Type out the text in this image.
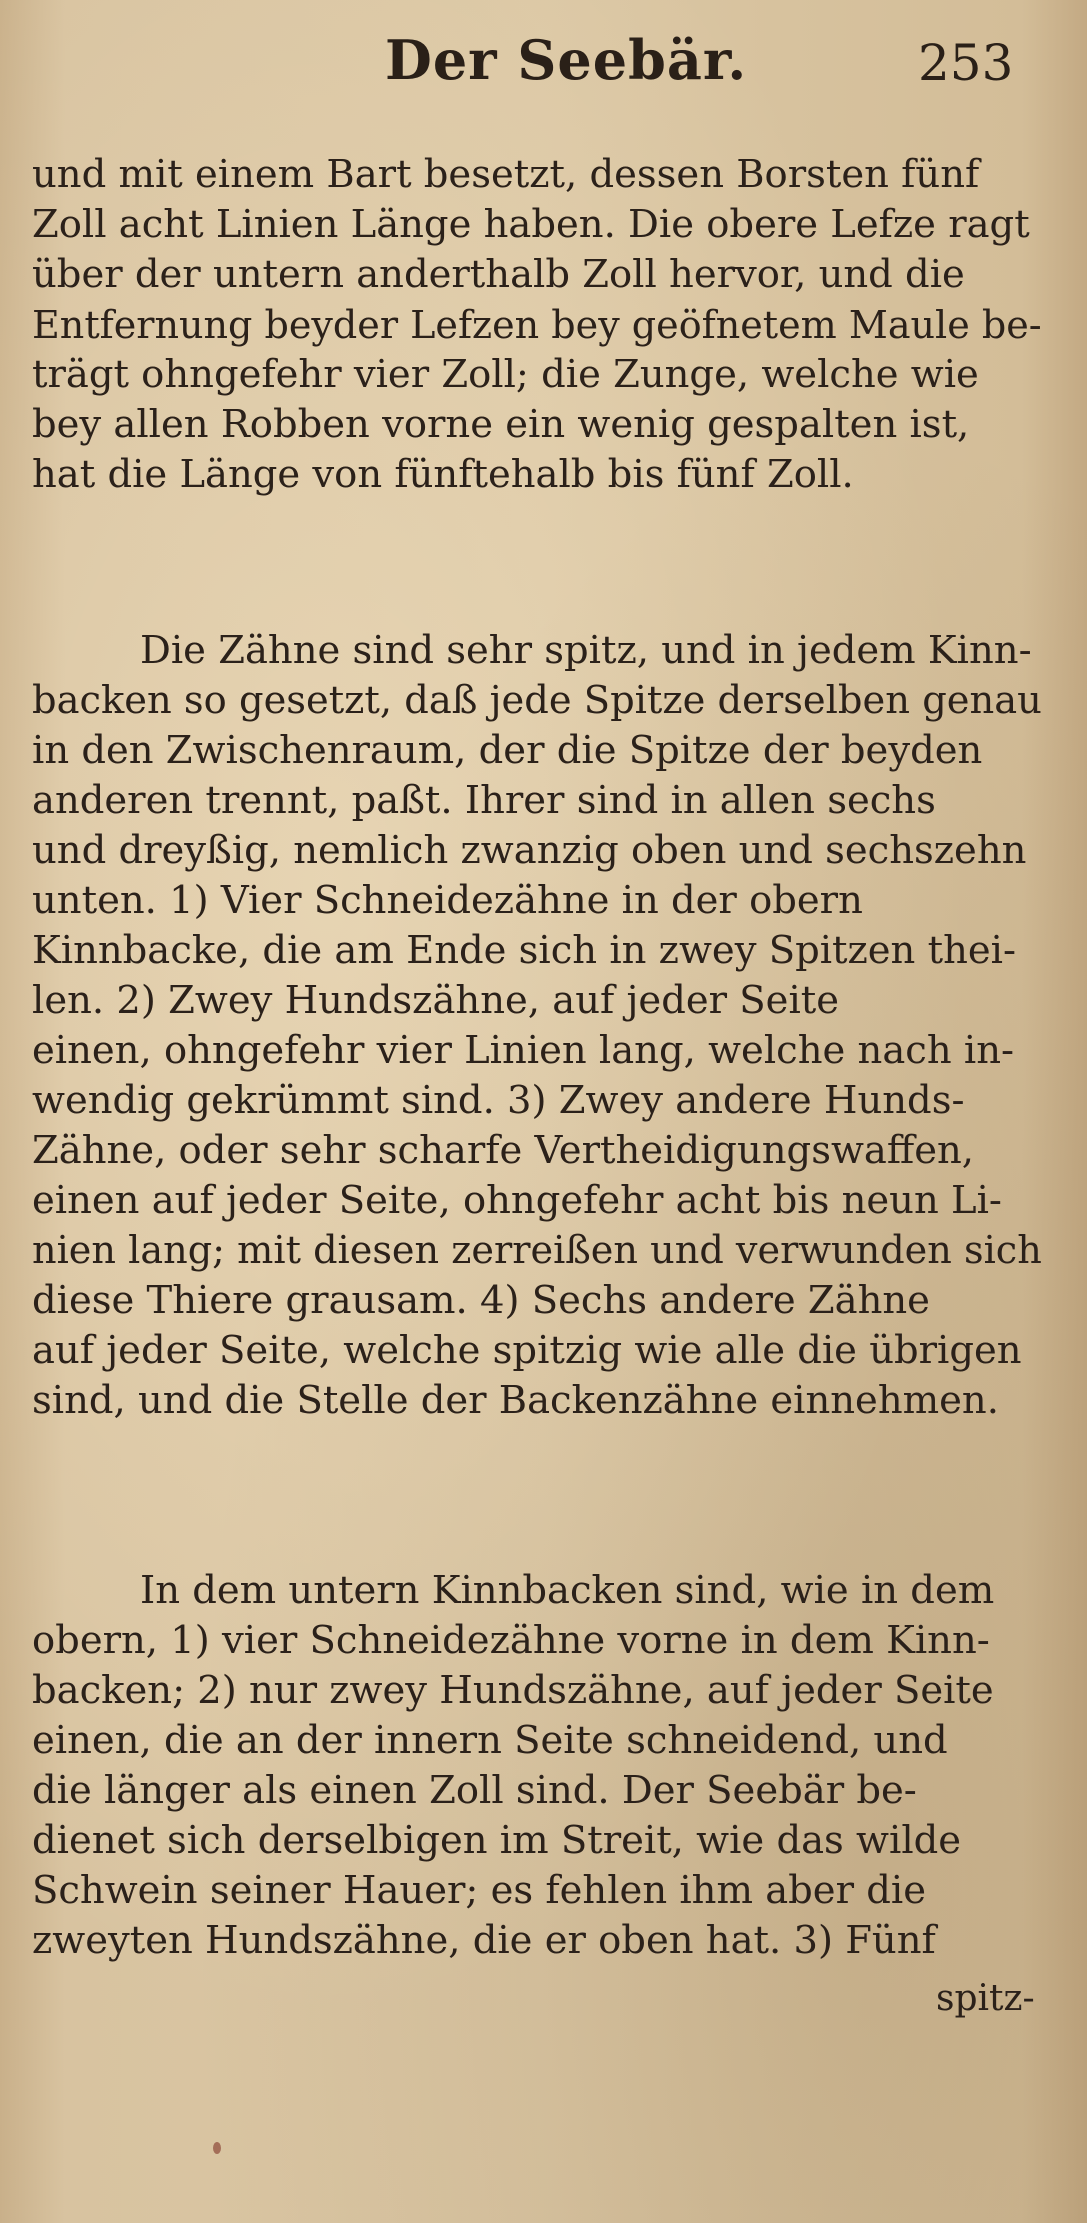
Der Seebär.	253
und mit einem Bart besetzt, dessen Borsten fünf
Zoll acht Linien Länge haben. Die obere Lefze ragt
über der untern anderthalb Zoll hervor, und die
Entfernung beyder Lefzen bey geöfnetem Maule be-
trägt ohngefehr vier Zoll; die Zunge, welche wie
bey allen Robben vorne ein wenig gespalten ist,
hat die Länge von fünftehalb bis fünf Zoll.
Die Zähne sind sehr spitz, und in jedem Kinn-
backen so gesetzt, daß jede Spitze derselben genau
in den Zwischenraum, der die Spitze der beyden
anderen trennt, paßt. Ihrer sind in allen sechs
und dreyßig, nemlich zwanzig oben und sechszehn
unten. 1) Vier Schneidezähne in der obern
Kinnbacke, die am Ende sich in zwey Spitzen thei-
len. 2) Zwey Hundszähne, auf jeder Seite
einen, ohngefehr vier Linien lang, welche nach in-
wendig gekrümmt sind. 3) Zwey andere Hunds-
Zähne, oder sehr scharfe Vertheidigungswaffen,
einen auf jeder Seite, ohngefehr acht bis neun Li-
nien lang; mit diesen zerreißen und verwunden sich
diese Thiere grausam. 4) Sechs andere Zähne
auf jeder Seite, welche spitzig wie alle die übrigen
sind, und die Stelle der Backenzähne einnehmen.
In dem untern Kinnbacken sind, wie in dem
obern, 1) vier Schneidezähne vorne in dem Kinn-
backen; 2) nur zwey Hundszähne, auf jeder Seite
einen, die an der innern Seite schneidend, und
die länger als einen Zoll sind. Der Seebär be-
dienet sich derselbigen im Streit, wie das wilde
Schwein seiner Hauer; es fehlen ihm aber die
zweyten Hundszähne, die er oben hat. 3) Fünf
spitz-
